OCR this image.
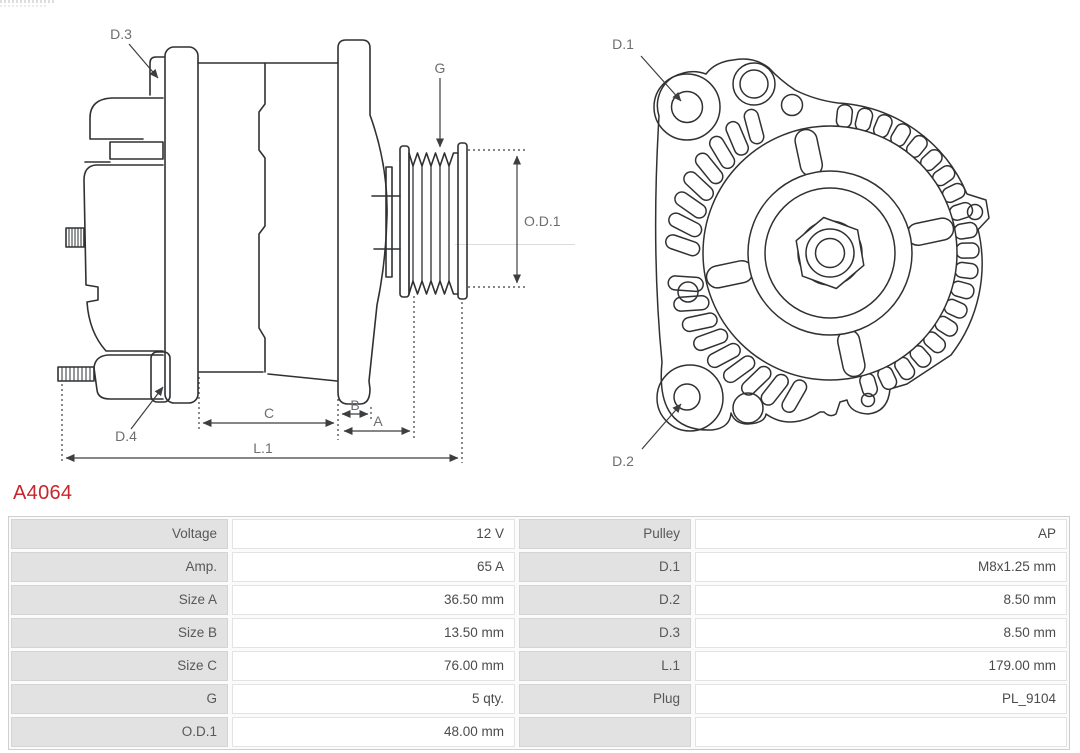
D.3
G
O.D.1
D.4
C	B
A
L.1
D.1
D.2
A4064
Voltage	12 V	Pulley	AP
Amp.	65 A	D.1	M8x1.25 mm
Size A	36.50 mm	D.2	8.50 mm
Size B	13.50 mm	D.3	8.50 mm
Size C	76.00 mm	L.1	179.00 mm
G	5 qty.	Plug	PL_9104
O.D.1	48.00 mm
